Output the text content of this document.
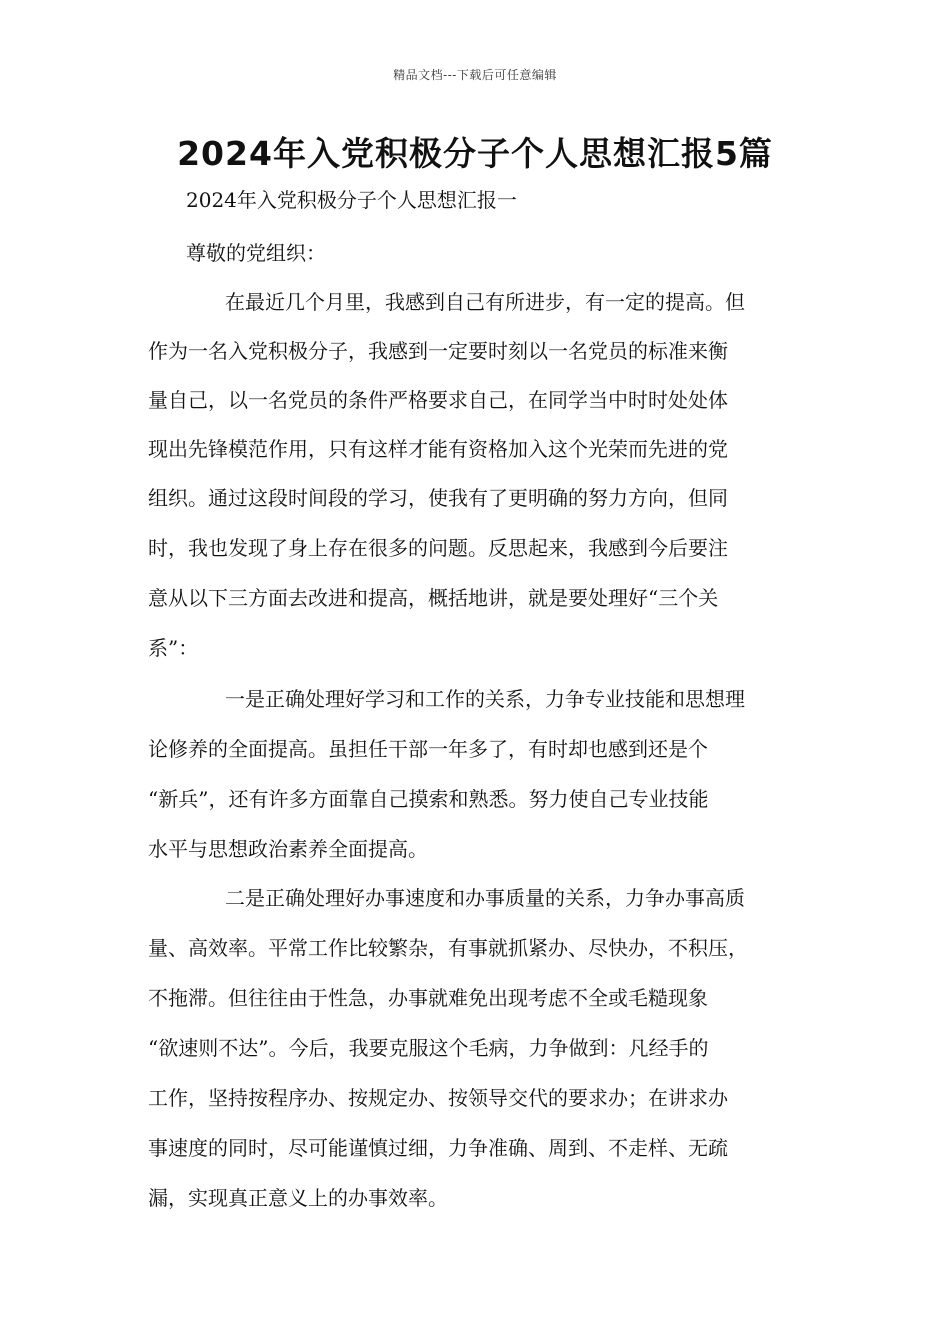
精品文档---下载后可任意编辑
2024年入党积极分子个人思想汇报5篇
2024年入党积极分子个人思想汇报一
尊敬的党组织：
在最近几个月里，我感到自己有所进步，有一定的提高。但
作为一名入党积极分子，我感到一定要时刻以一名党员的标准来衡
量自己，以一名党员的条件严格要求自己，在同学当中时时处处体
现出先锋模范作用，只有这样才能有资格加入这个光荣而先进的党
组织。通过这段时间段的学习，使我有了更明确的努力方向，但同
时，我也发现了身上存在很多的问题。反思起来，我感到今后要注
意从以下三方面去改进和提高，概括地讲，就是要处理好“三个关
系”：
一是正确处理好学习和工作的关系，力争专业技能和思想理
论修养的全面提高。虽担任干部一年多了，有时却也感到还是个
“新兵”，还有许多方面靠自己摸索和熟悉。努力使自己专业技能
水平与思想政治素养全面提高。
二是正确处理好办事速度和办事质量的关系，力争办事高质
量、高效率。平常工作比较繁杂，有事就抓紧办、尽快办，不积压，
不拖滞。但往往由于性急，办事就难免出现考虑不全或毛糙现象
“欲速则不达”。今后，我要克服这个毛病，力争做到：凡经手的
工作，坚持按程序办、按规定办、按领导交代的要求办；在讲求办
事速度的同时，尽可能谨慎过细，力争准确、周到、不走样、无疏
漏，实现真正意义上的办事效率。
